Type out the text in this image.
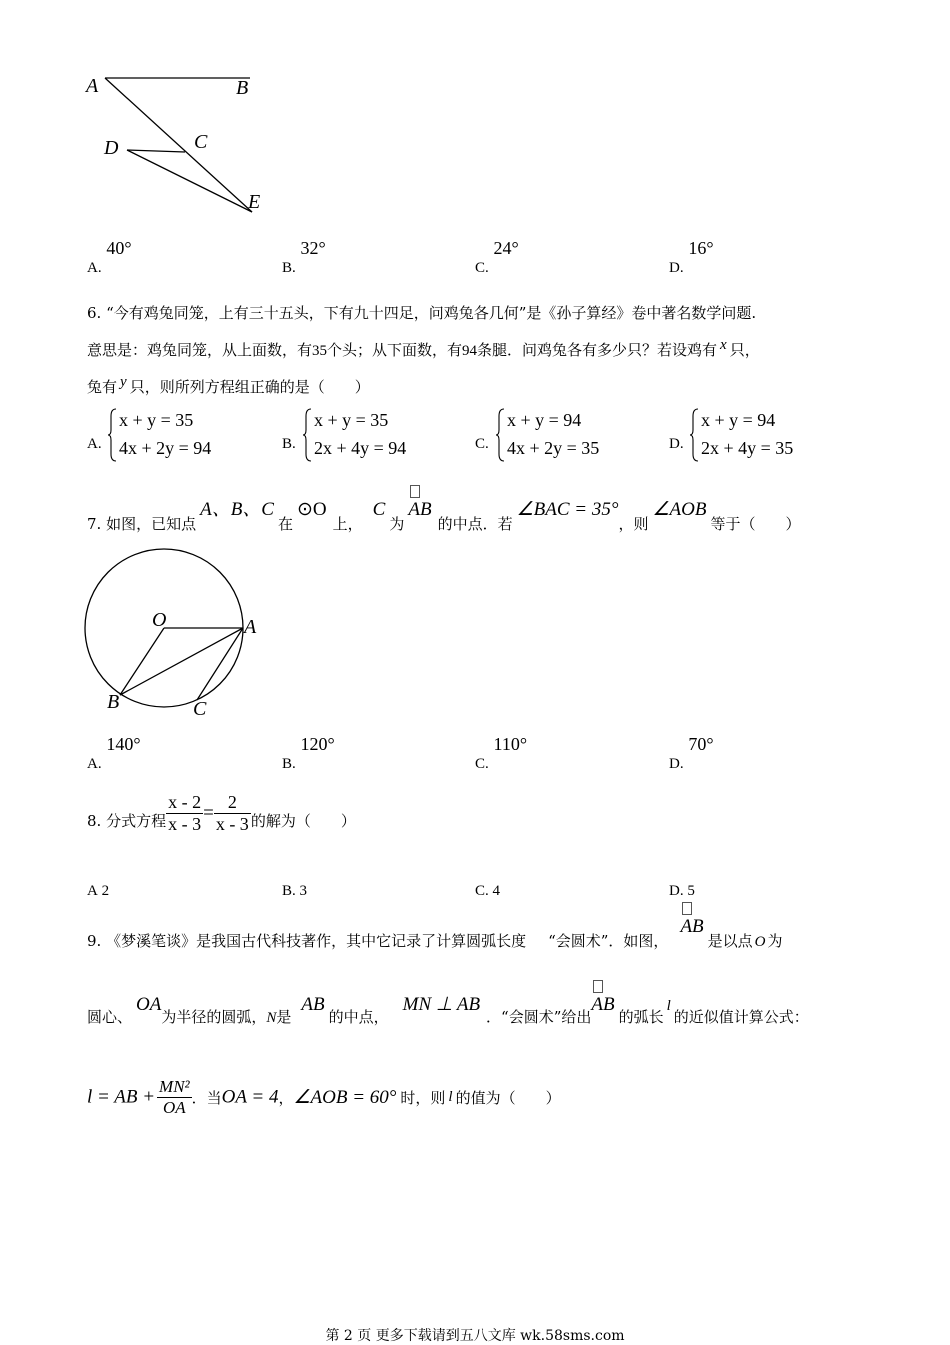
A	B
C
D
E
A. 40°
B. 32°
C. 24°
D. 16°
6. “今有鸡兔同笼，上有三十五头，下有九十四足，问鸡兔各几何”是《孙子算经》卷中著名数学问题.
意思是：鸡兔同笼，从上面数，有35个头；从下面数，有94条腿．问鸡兔各有多少只？若设鸡有 x 只，
兔有 y 只，则所列方程组正确的是（　　）
A.
x + y = 35
4x + 2y = 94	B.
x + y = 35
2x + 4y = 94	C.
x + y = 94
4x + 2y = 35	D.
x + y = 94
2x + 4y = 35
7. 如图，已知点A、B、C在⊙O上，C为
AB的中点．若∠BAC = 35°，则∠AOB等于（　　）
O	A
B	C
A. 140°
B. 120°
C. 110°
D. 70°
8. 分式方程 $\frac{x - 2}{x - 3} = \frac{2}{x - 3}$ 的解为（　　）
A 2	B. 3	C. 4	D. 5
9. 《梦溪笔谈》是我国古代科技著作，其中它记录了计算圆弧长度 “会圆术”．如图，
AB是以点 O 为
圆心、OA为半径的圆弧，N是AB的中点，MN ⊥ AB．“会圆术”给出
AB的弧长l的近似值计算公式：
l = AB + $\frac{\text{MN²}}{OA}$ ．当OA = 4，∠AOB = 60° 时，则 l 的值为（　　）
第 2 页 更多下载请到五八文库 wk.58sms.com
